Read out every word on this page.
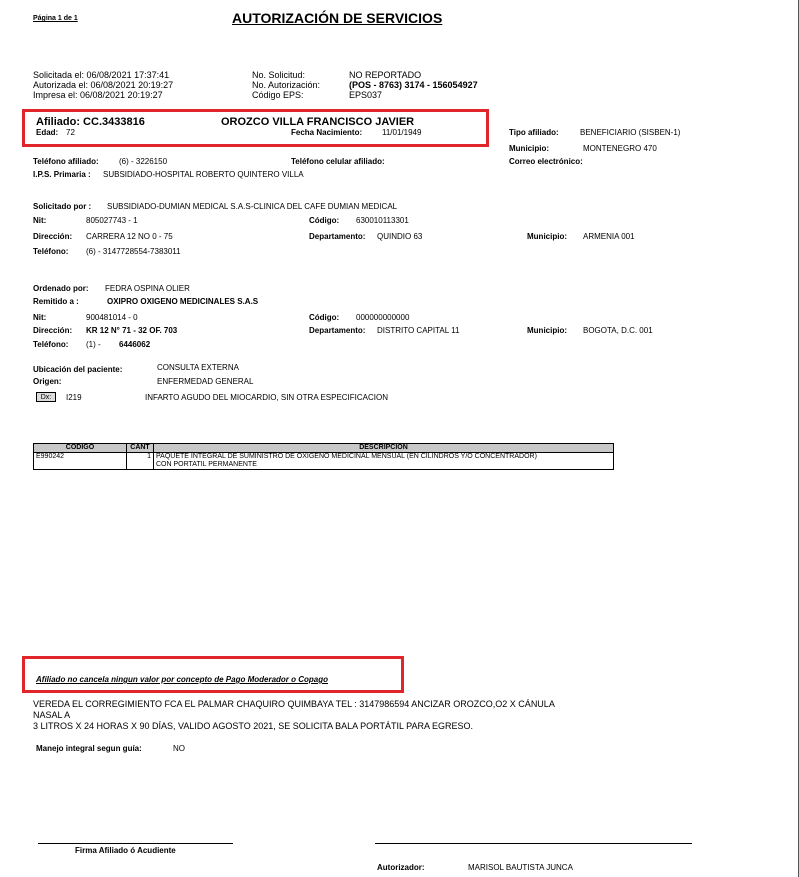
Página 1 de 1	AUTORIZACIÓN DE SERVICIOS
Solicitada el: 06/08/2021 17:37:41
Autorizada el: 06/08/2021 20:19:27
Impresa el: 06/08/2021 20:19:27
No. Solicitud:	NO REPORTADO
No. Autorización:	(POS - 8763) 3174 - 156054927
Código EPS:	EPS037
Afiliado: CC.3433816	OROZCO VILLA FRANCISCO JAVIER
Edad: 72	Fecha Nacimiento: 11/01/1949	Tipo afiliado:	BENEFICIARIO (SISBEN-1)
Municipio:	MONTENEGRO 470
Teléfono afiliado:	(6) - 3226150	Teléfono celular afiliado:	Correo electrónico:
I.P.S. Primaria : SUBSIDIADO-HOSPITAL ROBERTO QUINTERO VILLA
Solicitado por : SUBSIDIADO-DUMIAN MEDICAL S.A.S-CLINICA DEL CAFE DUMIAN MEDICAL
Nit:	805027743 - 1	Código: 630010113301
Dirección: CARRERA 12 NO 0 - 75	Departamento: QUINDIO 63	Municipio: ARMENIA 001
Teléfono: (6) - 3147728554-7383011
Ordenado por: FEDRA OSPINA OLIER
Remitido a :	OXIPRO OXIGENO MEDICINALES S.A.S
Nit:	900481014 - 0	Código: 000000000000
Dirección: KR 12 N° 71 - 32 OF. 703	Departamento: DISTRITO CAPITAL 11	Municipio: BOGOTA, D.C. 001
Teléfono: (1) - 6446062
Ubicación del paciente:	CONSULTA EXTERNA
Origen:	ENFERMEDAD GENERAL
Dx:	I219	INFARTO AGUDO DEL MIOCARDIO, SIN OTRA ESPECIFICACION
CODIGO	CANT	DESCRIPCION
E990242	1	PAQUETE INTEGRAL DE SUMINISTRO DE OXIGENO MEDICINAL MENSUAL (EN CILINDROS Y/O CONCENTRADOR)
CON PORTATIL PERMANENTE
Afiliado no cancela ningun valor por concepto de Pago Moderador o Copago
VEREDA EL CORREGIMIENTO FCA EL PALMAR CHAQUIRO QUIMBAYA TEL : 3147986594 ANCIZAR OROZCO,O2 X CÁNULA
NASAL A
3 LITROS X 24 HORAS X 90 DÍAS, VALIDO AGOSTO 2021, SE SOLICITA BALA PORTÁTIL PARA EGRESO.
Manejo integral segun guía:	NO
Firma Afiliado ó Acudiente
Autorizador:	MARISOL BAUTISTA JUNCA
